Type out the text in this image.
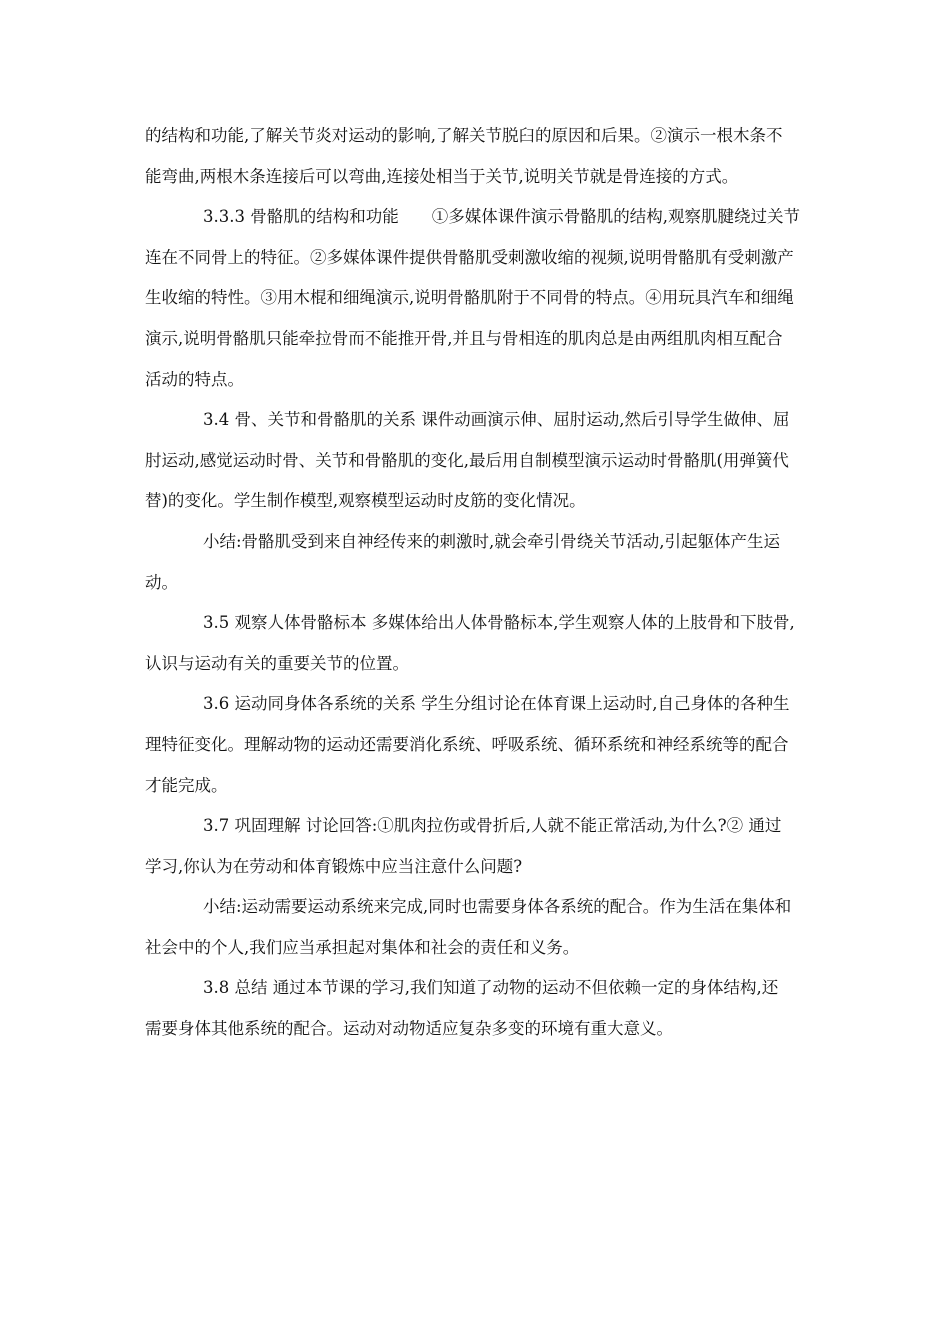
的结构和功能,了解关节炎对运动的影响,了解关节脱臼的原因和后果。②演示一根木条不
能弯曲,两根木条连接后可以弯曲,连接处相当于关节,说明关节就是骨连接的方式。

3.3.3 骨骼肌的结构和功能　　①多媒体课件演示骨骼肌的结构,观察肌腱绕过关节
连在不同骨上的特征。②多媒体课件提供骨骼肌受刺激收缩的视频,说明骨骼肌有受刺激产
生收缩的特性。③用木棍和细绳演示,说明骨骼肌附于不同骨的特点。④用玩具汽车和细绳
演示,说明骨骼肌只能牵拉骨而不能推开骨,并且与骨相连的肌肉总是由两组肌肉相互配合
活动的特点。

3.4 骨、关节和骨骼肌的关系 课件动画演示伸、屈肘运动,然后引导学生做伸、屈
肘运动,感觉运动时骨、关节和骨骼肌的变化,最后用自制模型演示运动时骨骼肌(用弹簧代
替)的变化。学生制作模型,观察模型运动时皮筋的变化情况。

小结:骨骼肌受到来自神经传来的刺激时,就会牵引骨绕关节活动,引起躯体产生运
动。

3.5 观察人体骨骼标本 多媒体给出人体骨骼标本,学生观察人体的上肢骨和下肢骨,
认识与运动有关的重要关节的位置。

3.6 运动同身体各系统的关系 学生分组讨论在体育课上运动时,自己身体的各种生
理特征变化。理解动物的运动还需要消化系统、呼吸系统、循环系统和神经系统等的配合
才能完成。

3.7 巩固理解 讨论回答:①肌肉拉伤或骨折后,人就不能正常活动,为什么?② 通过
学习,你认为在劳动和体育锻炼中应当注意什么问题?

小结:运动需要运动系统来完成,同时也需要身体各系统的配合。作为生活在集体和
社会中的个人,我们应当承担起对集体和社会的责任和义务。

3.8 总结 通过本节课的学习,我们知道了动物的运动不但依赖一定的身体结构,还
需要身体其他系统的配合。运动对动物适应复杂多变的环境有重大意义。
